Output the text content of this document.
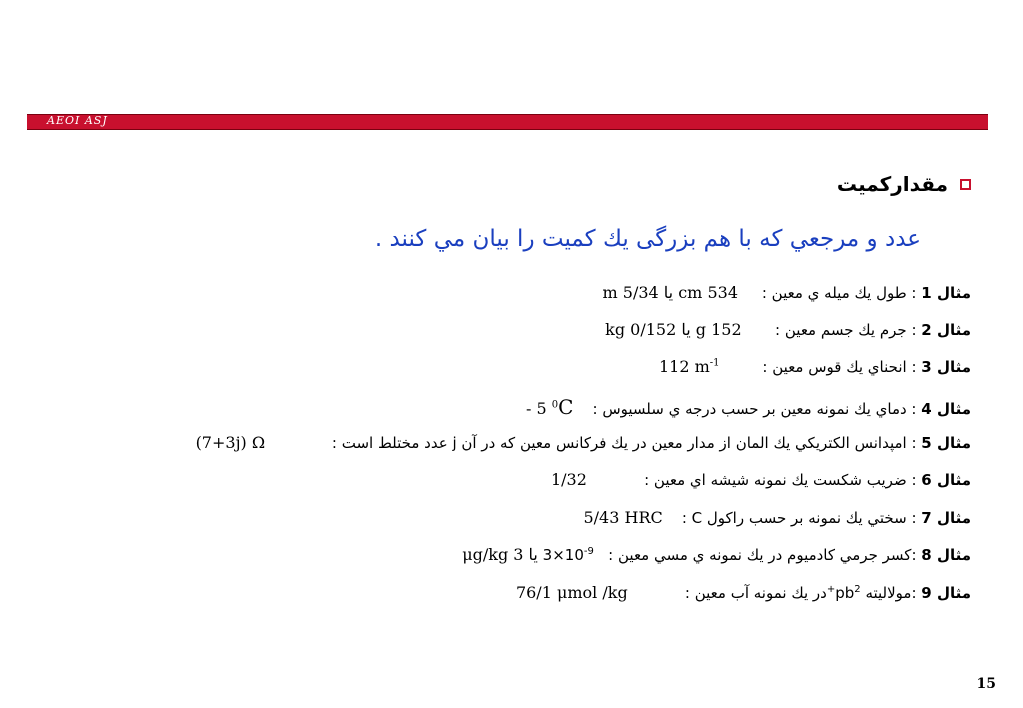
AEOI ASJ
مقدارکمیت
عدد و مرجعي كه با هم بزرگی يك كميت را بيان مي كنند .
مثال 1 : طول يك ميله ي معين :     534 cm يا 5/34 m
مثال 2 : جرم يك جسم معين :       152 g يا 0/152 kg
مثال 3 : انحناي يك قوس معين :         112 $m^{-1}$
مثال 4 : دماي يك نمونه معين بر حسب درجه ي سلسيوس :    - 5 $^0$C
مثال 5 : امپدانس الكتريكي يك المان از مدار معين در يك فركانس معين كه در آن j عدد مختلط است :              (7+3j) Ω
مثال 6 : ضريب شكست يك نمونه شيشه اي معين :            1/32
مثال 7 : سختي يك نمونه بر حسب راكول C :    5/43 HRC
مثال 8 :كسر جرمي كادميوم در يك نمونه ي مسي معين :   $3\times 10^{-9}$ يا 3 μg/kg
مثال 9 :مولاليته $pb^{2+}در$ يك نمونه آب معين :            76/1 μmol /kg
15
